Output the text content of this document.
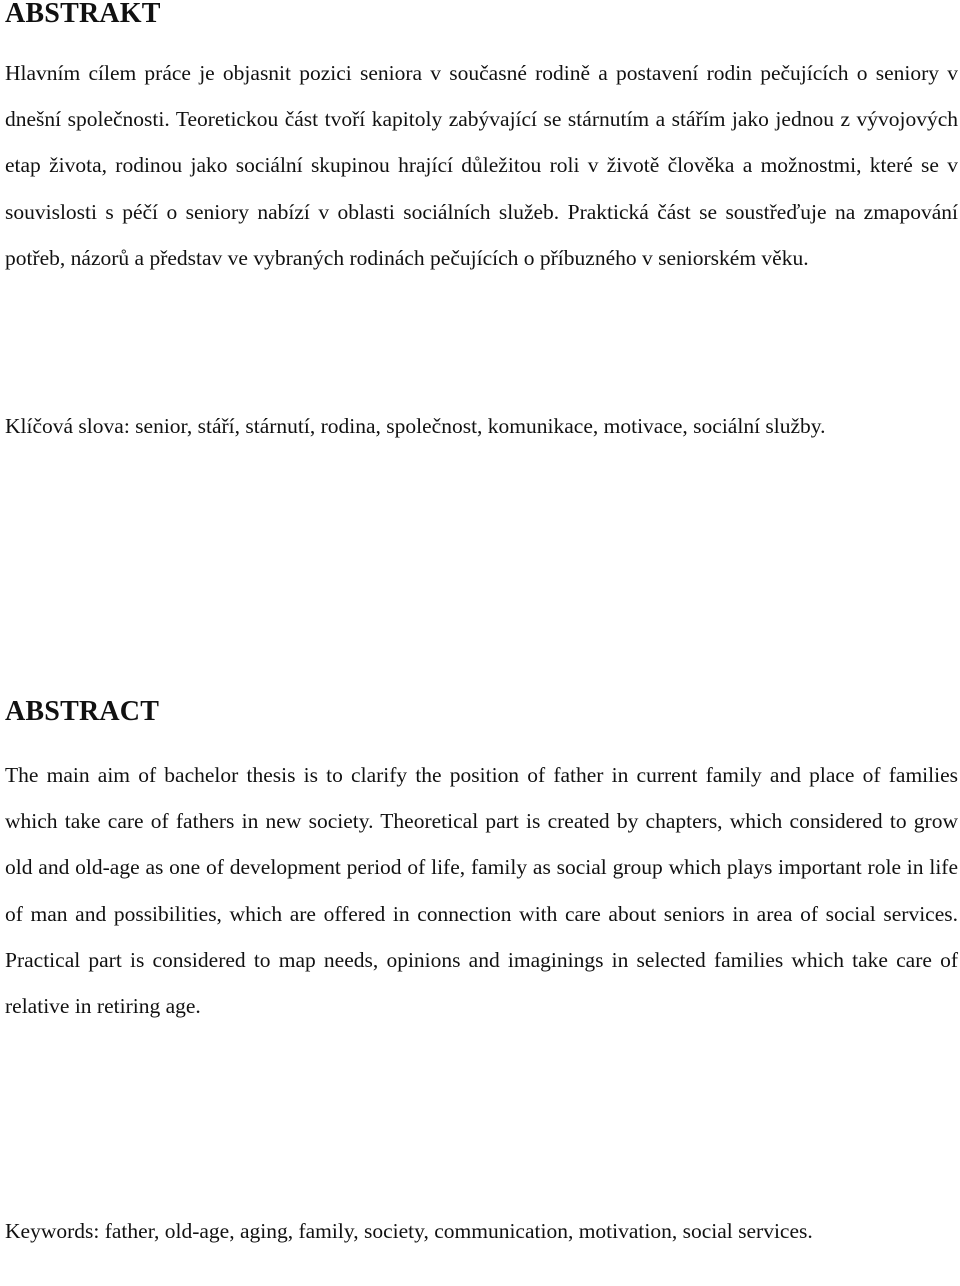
ABSTRAKT

Hlavním cílem práce je objasnit pozici seniora v současné rodině a postavení rodin pečujících o seniory v dnešní společnosti. Teoretickou část tvoří kapitoly zabývající se stárnutím a stářím jako jednou z vývojových etap života, rodinou jako sociální skupinou hrající důležitou roli v životě člověka a možnostmi, které se v souvislosti s péčí o seniory nabízí v oblasti sociálních služeb. Praktická část se soustřeďuje na zmapování potřeb, názorů a představ ve vybraných rodinách pečujících o příbuzného v seniorském věku.

Klíčová slova: senior, stáří, stárnutí, rodina, společnost, komunikace, motivace, sociální služby.

ABSTRACT

The main aim of bachelor thesis is to clarify the position of father in current family and place of families which take care of fathers in new society. Theoretical part is created by chapters, which considered to grow old and old-age as one of development period of life, family as social group which plays important role in life of man and possibilities, which are offered in connection with care about seniors in area of social services. Practical part is considered to map needs, opinions and imaginings in selected families which take care of relative in retiring age.

Keywords: father, old-age, aging, family, society, communication, motivation, social services.
